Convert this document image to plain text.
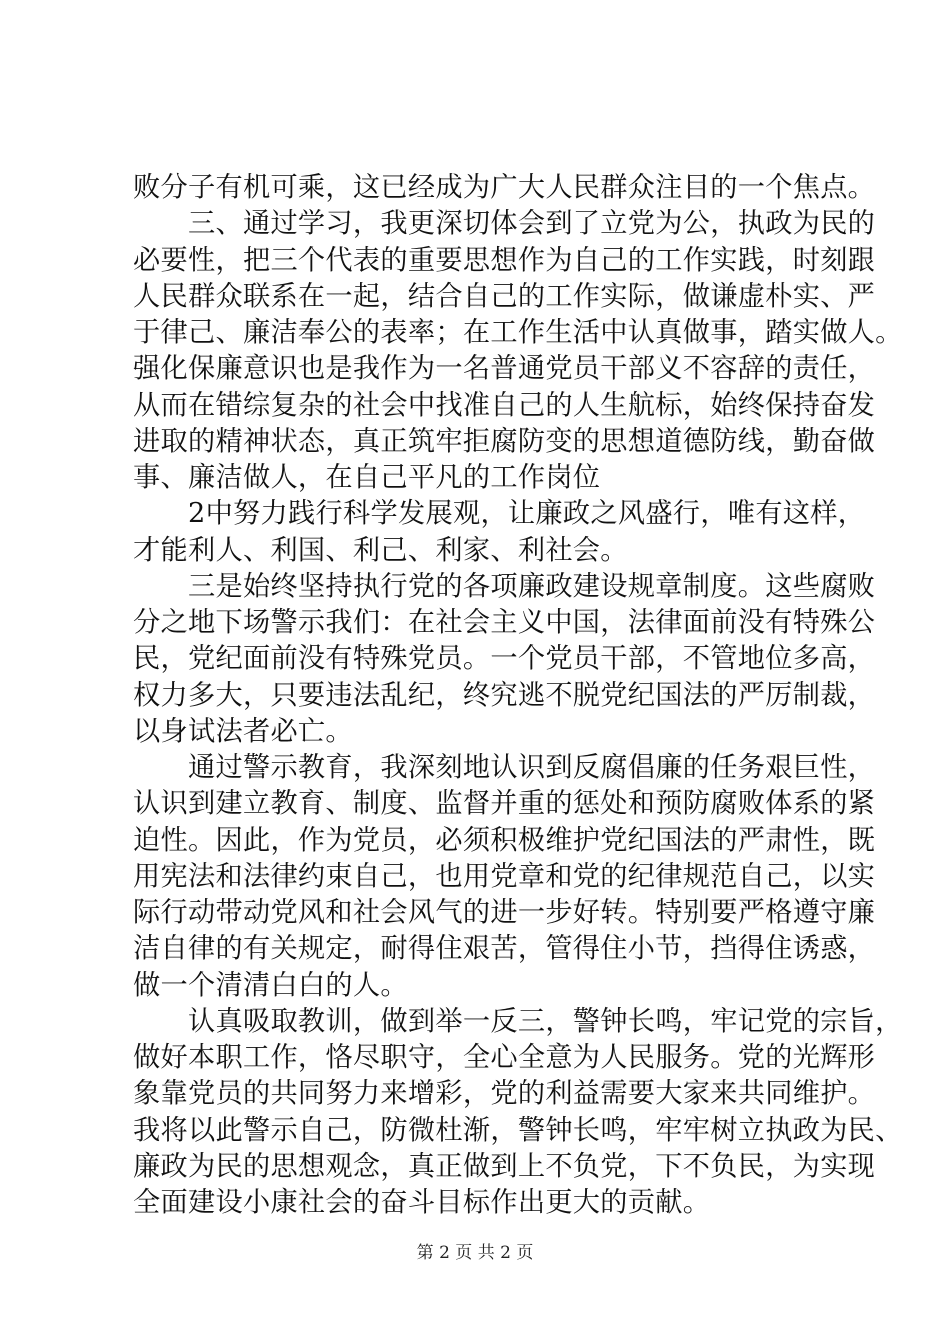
败分子有机可乘，这已经成为广大人民群众注目的一个焦点。
　　三、通过学习，我更深切体会到了立党为公，执政为民的
必要性，把三个代表的重要思想作为自己的工作实践，时刻跟
人民群众联系在一起，结合自己的工作实际，做谦虚朴实、严
于律己、廉洁奉公的表率；在工作生活中认真做事，踏实做人。
强化保廉意识也是我作为一名普通党员干部义不容辞的责任，
从而在错综复杂的社会中找准自己的人生航标，始终保持奋发
进取的精神状态，真正筑牢拒腐防变的思想道德防线，勤奋做
事、廉洁做人，在自己平凡的工作岗位
　　2中努力践行科学发展观，让廉政之风盛行，唯有这样，
才能利人、利国、利己、利家、利社会。
　　三是始终坚持执行党的各项廉政建设规章制度。这些腐败
分之地下场警示我们：在社会主义中国，法律面前没有特殊公
民，党纪面前没有特殊党员。一个党员干部，不管地位多高，
权力多大，只要违法乱纪，终究逃不脱党纪国法的严厉制裁，
以身试法者必亡。
　　通过警示教育，我深刻地认识到反腐倡廉的任务艰巨性，
认识到建立教育、制度、监督并重的惩处和预防腐败体系的紧
迫性。因此，作为党员，必须积极维护党纪国法的严肃性，既
用宪法和法律约束自己，也用党章和党的纪律规范自己，以实
际行动带动党风和社会风气的进一步好转。特别要严格遵守廉
洁自律的有关规定，耐得住艰苦，管得住小节，挡得住诱惑，
做一个清清白白的人。
　　认真吸取教训，做到举一反三，警钟长鸣，牢记党的宗旨，
做好本职工作，恪尽职守，全心全意为人民服务。党的光辉形
象靠党员的共同努力来增彩，党的利益需要大家来共同维护。
我将以此警示自己，防微杜渐，警钟长鸣，牢牢树立执政为民、
廉政为民的思想观念，真正做到上不负党，下不负民，为实现
全面建设小康社会的奋斗目标作出更大的贡献。
第 2 页 共 2 页
